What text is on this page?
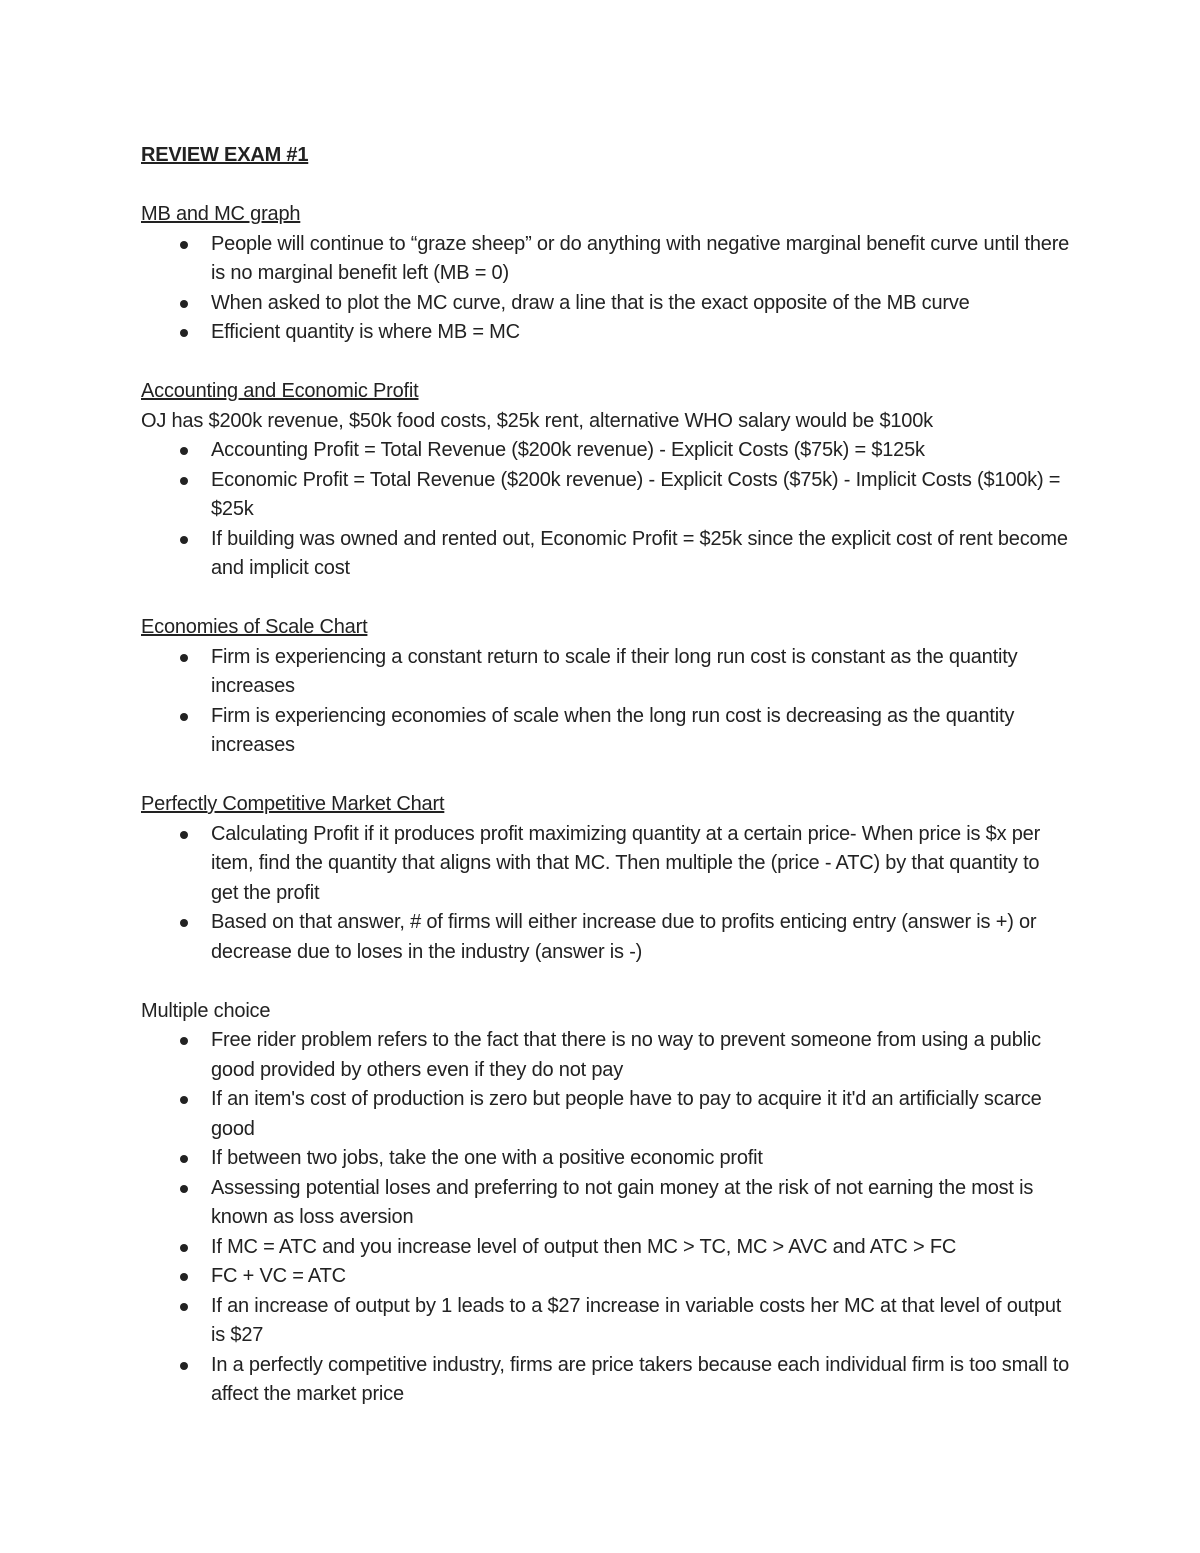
REVIEW EXAM #1

MB and MC graph

People will continue to “graze sheep” or do anything with negative marginal benefit curve until there is no marginal benefit left (MB = 0)
When asked to plot the MC curve, draw a line that is the exact opposite of the MB curve
Efficient quantity is where MB = MC

Accounting and Economic Profit

OJ has $200k revenue, $50k food costs, $25k rent, alternative WHO salary would be $100k

Accounting Profit = Total Revenue ($200k revenue) - Explicit Costs ($75k) = $125k
Economic Profit = Total Revenue ($200k revenue) - Explicit Costs ($75k) - Implicit Costs ($100k) = $25k
If building was owned and rented out, Economic Profit = $25k since the explicit cost of rent become and implicit cost

Economies of Scale Chart

Firm is experiencing a constant return to scale if their long run cost is constant as the quantity increases
Firm is experiencing economies of scale when the long run cost is decreasing as the quantity increases

Perfectly Competitive Market Chart

Calculating Profit if it produces profit maximizing quantity at a certain price- When price is $x per item, find the quantity that aligns with that MC. Then multiple the (price - ATC) by that quantity to get the profit
Based on that answer, # of firms will either increase due to profits enticing entry (answer is +) or decrease due to loses in the industry (answer is -)

Multiple choice

Free rider problem refers to the fact that there is no way to prevent someone from using a public good provided by others even if they do not pay
If an item's cost of production is zero but people have to pay to acquire it it'd an artificially scarce good
If between two jobs, take the one with a positive economic profit
Assessing potential loses and preferring to not gain money at the risk of not earning the most is known as loss aversion
If MC = ATC and you increase level of output then MC > TC, MC > AVC and ATC > FC
FC + VC = ATC
If an increase of output by 1 leads to a $27 increase in variable costs her MC at that level of output is $27
In a perfectly competitive industry, firms are price takers because each individual firm is too small to affect the market price
